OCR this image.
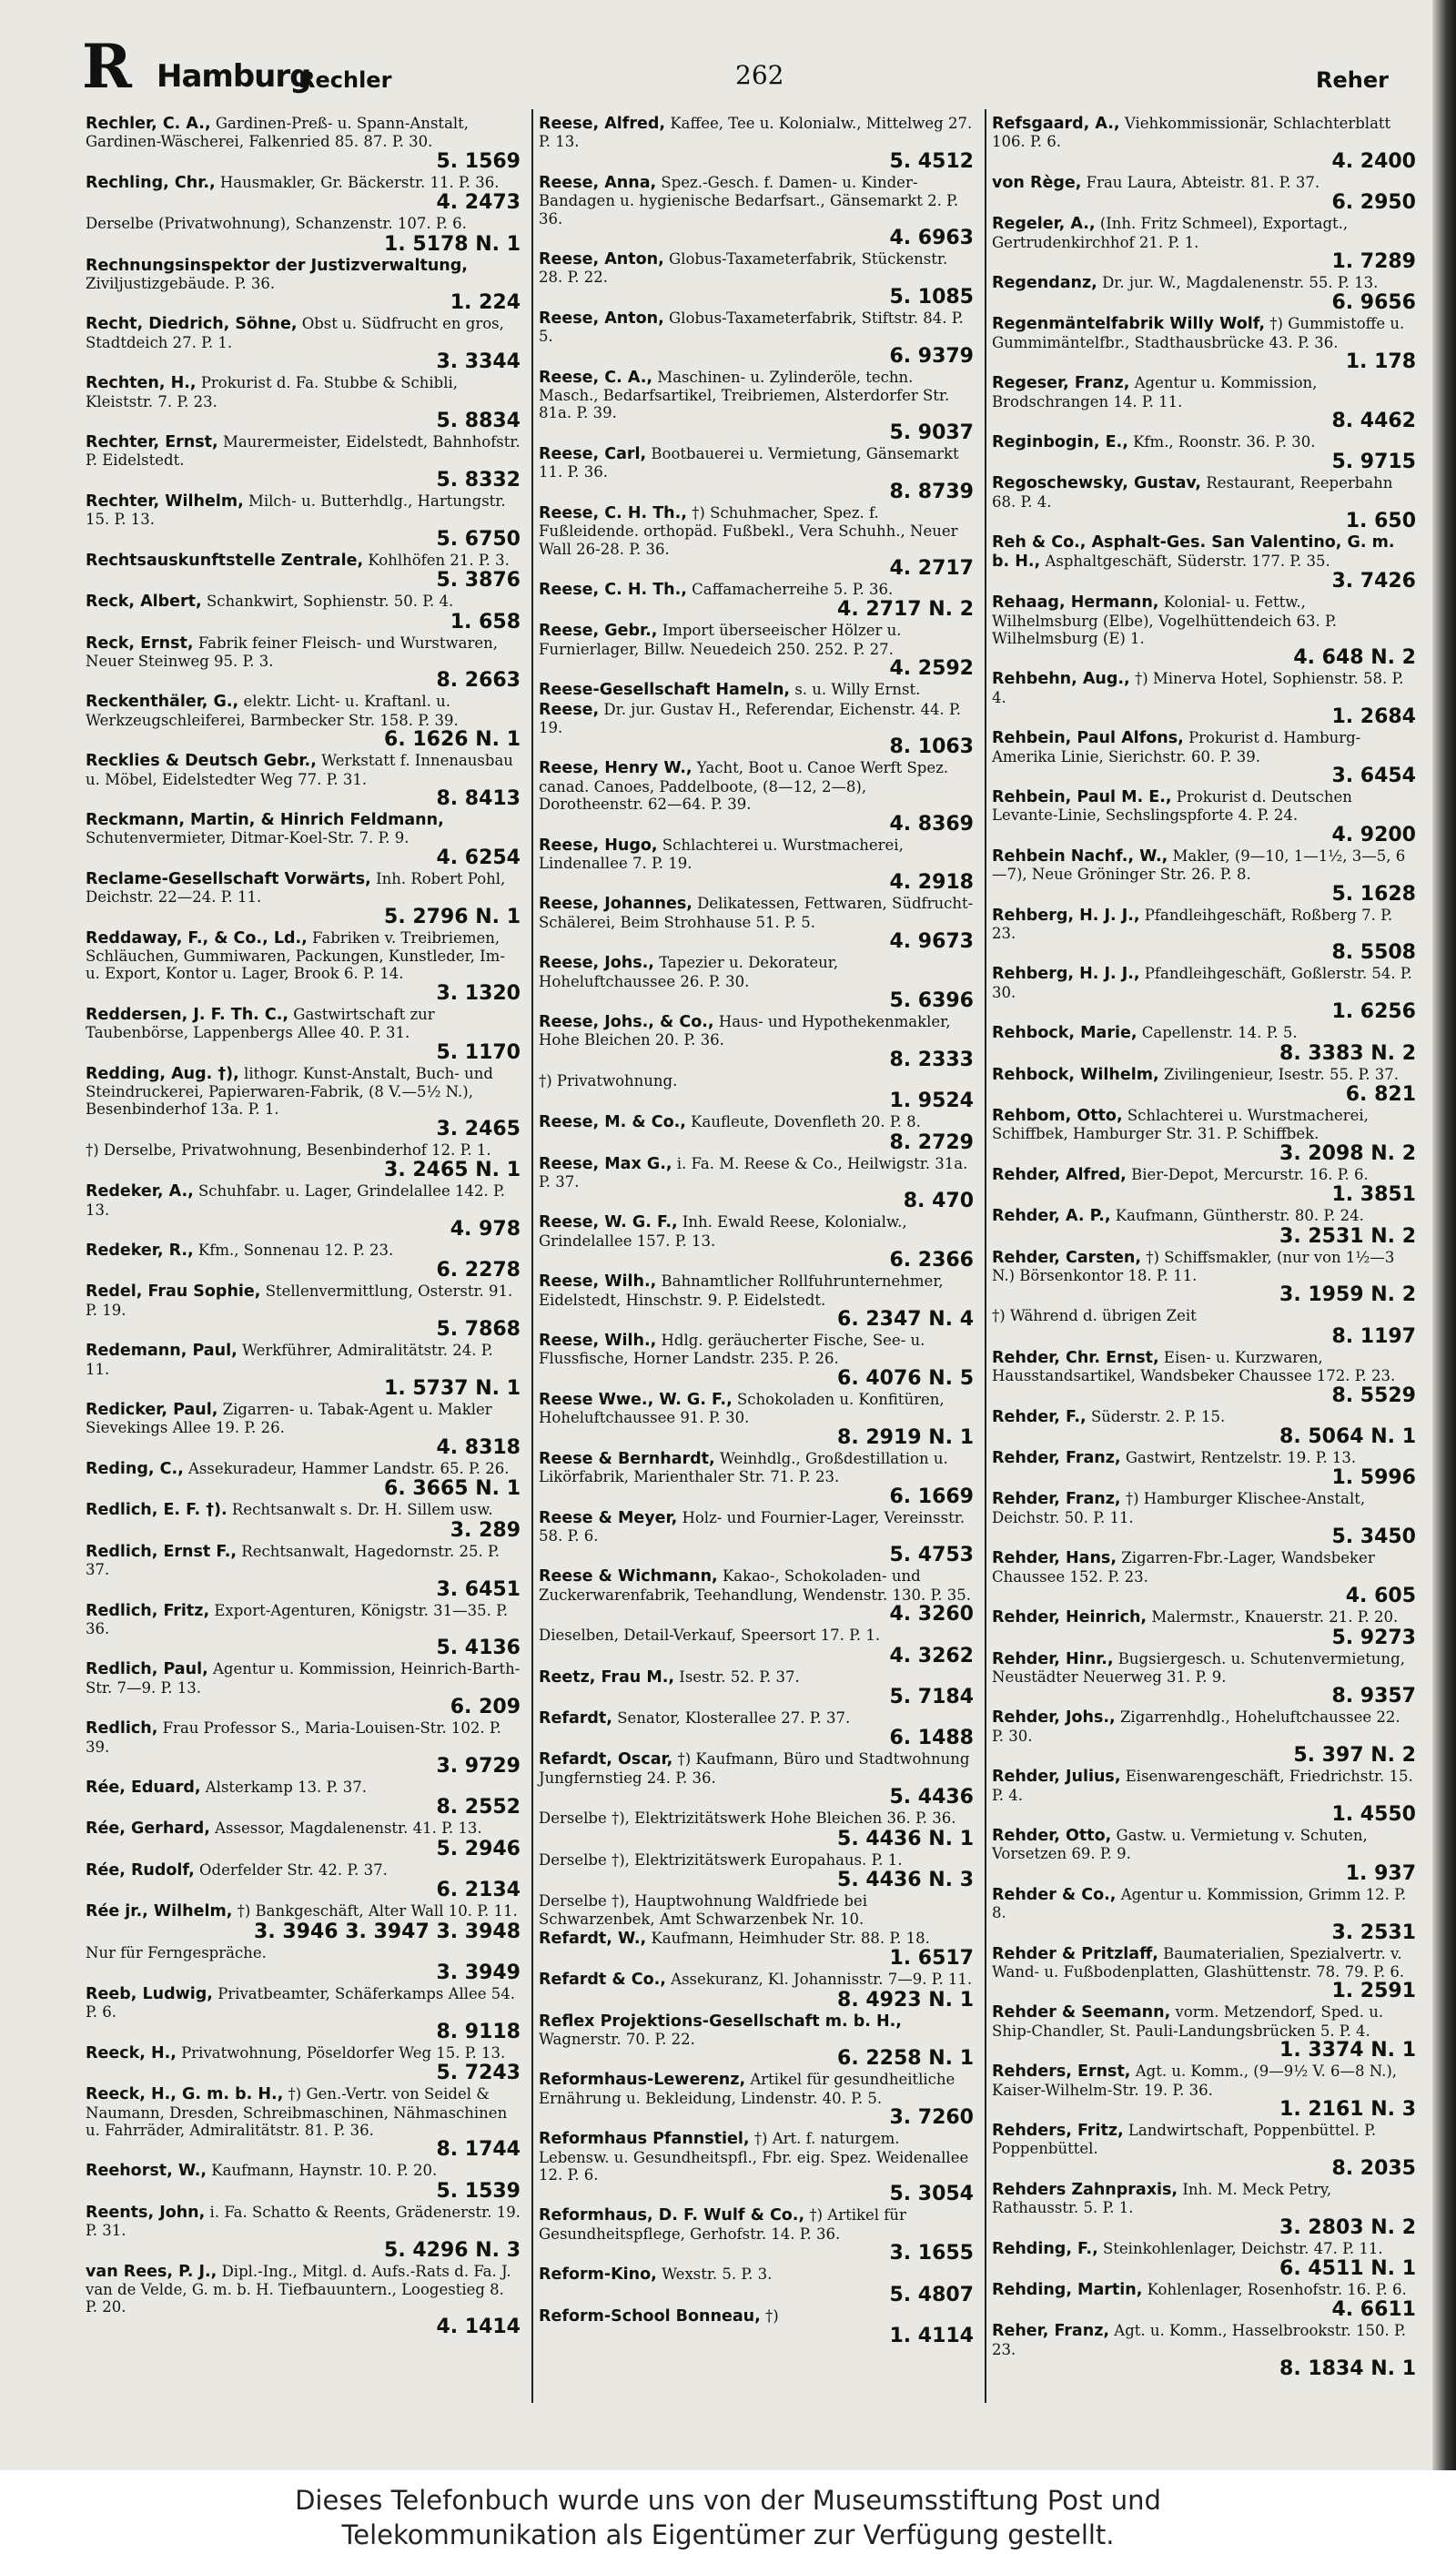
R Hamburg
Rechler	262	Reher
Rechler, C. A., Gardinen-Preß- u. Spann-Anstalt, Gardinen-Wäscherei, Falkenried 85. 87. P. 30.
5. 1569
Rechling, Chr., Hausmakler, Gr. Bäckerstr. 11. P. 36.
4. 2473
Derselbe (Privatwohnung), Schanzenstr. 107. P. 6.
1. 5178 N. 1
Rechnungsinspektor der Justizverwaltung, Ziviljustizgebäude. P. 36.
1. 224
Recht, Diedrich, Söhne, Obst u. Südfrucht en gros, Stadtdeich 27. P. 1.
3. 3344
Rechten, H., Prokurist d. Fa. Stubbe & Schibli, Kleiststr. 7. P. 23.
5. 8834
Rechter, Ernst, Maurermeister, Eidelstedt, Bahnhofstr. P. Eidelstedt.
5. 8332
Rechter, Wilhelm, Milch- u. Butterhdlg., Hartungstr. 15. P. 13.
5. 6750
Rechtsauskunftstelle Zentrale, Kohlhöfen 21. P. 3.
5. 3876
Reck, Albert, Schankwirt, Sophienstr. 50. P. 4.
1. 658
Reck, Ernst, Fabrik feiner Fleisch- und Wurstwaren, Neuer Steinweg 95. P. 3.
8. 2663
Reckenthäler, G., elektr. Licht- u. Kraftanl. u. Werkzeugschleiferei, Barmbecker Str. 158. P. 39.
6. 1626 N. 1
Recklies & Deutsch Gebr., Werkstatt f. Innenausbau u. Möbel, Eidelstedter Weg 77. P. 31.
8. 8413
Reckmann, Martin, & Hinrich Feldmann, Schutenvermieter, Ditmar-Koel-Str. 7. P. 9.
4. 6254
Reclame-Gesellschaft Vorwärts, Inh. Robert Pohl, Deichstr. 22—24. P. 11.
5. 2796 N. 1
Reddaway, F., & Co., Ld., Fabriken v. Treibriemen, Schläuchen, Gummiwaren, Packungen, Kunstleder, Im- u. Export, Kontor u. Lager, Brook 6. P. 14.
3. 1320
Reddersen, J. F. Th. C., Gastwirtschaft zur Taubenbörse, Lappenbergs Allee 40. P. 31.
5. 1170
Redding, Aug. †), lithogr. Kunst-Anstalt, Buch- und Steindruckerei, Papierwaren-Fabrik, (8 V.—5½ N.), Besenbinderhof 13a. P. 1.
3. 2465
†) Derselbe, Privatwohnung, Besenbinderhof 12. P. 1.
3. 2465 N. 1
Redeker, A., Schuhfabr. u. Lager, Grindelallee 142. P. 13.
4. 978
Redeker, R., Kfm., Sonnenau 12. P. 23.
6. 2278
Redel, Frau Sophie, Stellenvermittlung, Osterstr. 91. P. 19.
5. 7868
Redemann, Paul, Werkführer, Admiralitätstr. 24. P. 11.
1. 5737 N. 1
Redicker, Paul, Zigarren- u. Tabak-Agent u. Makler Sievekings Allee 19. P. 26.
4. 8318
Reding, C., Assekuradeur, Hammer Landstr. 65. P. 26.
6. 3665 N. 1
Redlich, E. F. †). Rechtsanwalt s. Dr. H. Sillem usw.
3. 289
Redlich, Ernst F., Rechtsanwalt, Hagedornstr. 25. P. 37.
3. 6451
Redlich, Fritz, Export-Agenturen, Königstr. 31—35. P. 36.
5. 4136
Redlich, Paul, Agentur u. Kommission, Heinrich-Barth-Str. 7—9. P. 13.
6. 209
Redlich, Frau Professor S., Maria-Louisen-Str. 102. P. 39.
3. 9729
Rée, Eduard, Alsterkamp 13. P. 37.
8. 2552
Rée, Gerhard, Assessor, Magdalenenstr. 41. P. 13.
5. 2946
Rée, Rudolf, Oderfelder Str. 42. P. 37.
6. 2134
Rée jr., Wilhelm, †) Bankgeschäft, Alter Wall 10. P. 11.
3. 3946 3. 3947 3. 3948
Nur für Ferngespräche.
3. 3949
Reeb, Ludwig, Privatbeamter, Schäferkamps Allee 54. P. 6.
8. 9118
Reeck, H., Privatwohnung, Pöseldorfer Weg 15. P. 13.
5. 7243
Reeck, H., G. m. b. H., †) Gen.-Vertr. von Seidel & Naumann, Dresden, Schreibmaschinen, Nähmaschinen u. Fahrräder, Admiralitätstr. 81. P. 36.
8. 1744
Reehorst, W., Kaufmann, Haynstr. 10. P. 20.
5. 1539
Reents, John, i. Fa. Schatto & Reents, Grädenerstr. 19. P. 31.
5. 4296 N. 3
van Rees, P. J., Dipl.-Ing., Mitgl. d. Aufs.-Rats d. Fa. J. van de Velde, G. m. b. H. Tiefbauuntern., Loogestieg 8. P. 20.
4. 1414
Reese, Alfred, Kaffee, Tee u. Kolonialw., Mittelweg 27. P. 13.
5. 4512
Reese, Anna, Spez.-Gesch. f. Damen- u. Kinder-Bandagen u. hygienische Bedarfsart., Gänsemarkt 2. P. 36.
4. 6963
Reese, Anton, Globus-Taxameterfabrik, Stückenstr. 28. P. 22.
5. 1085
Reese, Anton, Globus-Taxameterfabrik, Stiftstr. 84. P. 5.
6. 9379
Reese, C. A., Maschinen- u. Zylinderöle, techn. Masch., Bedarfsartikel, Treibriemen, Alsterdorfer Str. 81a. P. 39.
5. 9037
Reese, Carl, Bootbauerei u. Vermietung, Gänsemarkt 11. P. 36.
8. 8739
Reese, C. H. Th., †) Schuhmacher, Spez. f. Fußleidende. orthopäd. Fußbekl., Vera Schuhh., Neuer Wall 26-28. P. 36.
4. 2717
Reese, C. H. Th., Caffamacherreihe 5. P. 36.
4. 2717 N. 2
Reese, Gebr., Import überseeischer Hölzer u. Furnierlager, Billw. Neuedeich 250. 252. P. 27.
4. 2592
Reese-Gesellschaft Hameln, s. u. Willy Ernst.
Reese, Dr. jur. Gustav H., Referendar, Eichenstr. 44. P. 19.
8. 1063
Reese, Henry W., Yacht, Boot u. Canoe Werft Spez. canad. Canoes, Paddelboote, (8—12, 2—8), Dorotheenstr. 62—64. P. 39.
4. 8369
Reese, Hugo, Schlachterei u. Wurstmacherei, Lindenallee 7. P. 19.
4. 2918
Reese, Johannes, Delikatessen, Fettwaren, Südfrucht-Schälerei, Beim Strohhause 51. P. 5.
4. 9673
Reese, Johs., Tapezier u. Dekorateur, Hoheluftchaussee 26. P. 30.
5. 6396
Reese, Johs., & Co., Haus- und Hypothekenmakler, Hohe Bleichen 20. P. 36.
8. 2333
†) Privatwohnung.
1. 9524
Reese, M. & Co., Kaufleute, Dovenfleth 20. P. 8.
8. 2729
Reese, Max G., i. Fa. M. Reese & Co., Heilwigstr. 31a. P. 37.
8. 470
Reese, W. G. F., Inh. Ewald Reese, Kolonialw., Grindelallee 157. P. 13.
6. 2366
Reese, Wilh., Bahnamtlicher Rollfuhrunternehmer, Eidelstedt, Hinschstr. 9. P. Eidelstedt.
6. 2347 N. 4
Reese, Wilh., Hdlg. geräucherter Fische, See- u. Flussfische, Horner Landstr. 235. P. 26.
6. 4076 N. 5
Reese Wwe., W. G. F., Schokoladen u. Konfitüren, Hoheluftchaussee 91. P. 30.
8. 2919 N. 1
Reese & Bernhardt, Weinhdlg., Großdestillation u. Likörfabrik, Marienthaler Str. 71. P. 23.
6. 1669
Reese & Meyer, Holz- und Fournier-Lager, Vereinsstr. 58. P. 6.
5. 4753
Reese & Wichmann, Kakao-, Schokoladen- und Zuckerwarenfabrik, Teehandlung, Wendenstr. 130. P. 35.
4. 3260
Dieselben, Detail-Verkauf, Speersort 17. P. 1.
4. 3262
Reetz, Frau M., Isestr. 52. P. 37.
5. 7184
Refardt, Senator, Klosterallee 27. P. 37.
6. 1488
Refardt, Oscar, †) Kaufmann, Büro und Stadtwohnung Jungfernstieg 24. P. 36.
5. 4436
Derselbe †), Elektrizitätswerk Hohe Bleichen 36. P. 36.
5. 4436 N. 1
Derselbe †), Elektrizitätswerk Europahaus. P. 1.
5. 4436 N. 3
Derselbe †), Hauptwohnung Waldfriede bei Schwarzenbek, Amt Schwarzenbek Nr. 10.
Refardt, W., Kaufmann, Heimhuder Str. 88. P. 18.
1. 6517
Refardt & Co., Assekuranz, Kl. Johannisstr. 7—9. P. 11.
8. 4923 N. 1
Reflex Projektions-Gesellschaft m. b. H., Wagnerstr. 70. P. 22.
6. 2258 N. 1
Reformhaus-Lewerenz, Artikel für gesundheitliche Ernährung u. Bekleidung, Lindenstr. 40. P. 5.
3. 7260
Reformhaus Pfannstiel, †) Art. f. naturgem. Lebensw. u. Gesundheitspfl., Fbr. eig. Spez. Weidenallee 12. P. 6.
5. 3054
Reformhaus, D. F. Wulf & Co., †) Artikel für Gesundheitspflege, Gerhofstr. 14. P. 36.
3. 1655
Reform-Kino, Wexstr. 5. P. 3.
5. 4807
Reform-School Bonneau, †)
1. 4114
Refsgaard, A., Viehkommissionär, Schlachterblatt 106. P. 6.
4. 2400
von Rège, Frau Laura, Abteistr. 81. P. 37.
6. 2950
Regeler, A., (Inh. Fritz Schmeel), Exportagt., Gertrudenkirchhof 21. P. 1.
1. 7289
Regendanz, Dr. jur. W., Magdalenenstr. 55. P. 13.
6. 9656
Regenmäntelfabrik Willy Wolf, †) Gummistoffe u. Gummimäntelfbr., Stadthausbrücke 43. P. 36.
1. 178
Regeser, Franz, Agentur u. Kommission, Brodschrangen 14. P. 11.
8. 4462
Reginbogin, E., Kfm., Roonstr. 36. P. 30.
5. 9715
Regoschewsky, Gustav, Restaurant, Reeperbahn 68. P. 4.
1. 650
Reh & Co., Asphalt-Ges. San Valentino, G. m. b. H., Asphaltgeschäft, Süderstr. 177. P. 35.
3. 7426
Rehaag, Hermann, Kolonial- u. Fettw., Wilhelmsburg (Elbe), Vogelhüttendeich 63. P. Wilhelmsburg (E) 1.
4. 648 N. 2
Rehbehn, Aug., †) Minerva Hotel, Sophienstr. 58. P. 4.
1. 2684
Rehbein, Paul Alfons, Prokurist d. Hamburg-Amerika Linie, Sierichstr. 60. P. 39.
3. 6454
Rehbein, Paul M. E., Prokurist d. Deutschen Levante-Linie, Sechslingspforte 4. P. 24.
4. 9200
Rehbein Nachf., W., Makler, (9—10, 1—1½, 3—5, 6—7), Neue Gröninger Str. 26. P. 8.
5. 1628
Rehberg, H. J. J., Pfandleihgeschäft, Roßberg 7. P. 23.
8. 5508
Rehberg, H. J. J., Pfandleihgeschäft, Goßlerstr. 54. P. 30.
1. 6256
Rehbock, Marie, Capellenstr. 14. P. 5.
8. 3383 N. 2
Rehbock, Wilhelm, Zivilingenieur, Isestr. 55. P. 37.
6. 821
Rehbom, Otto, Schlachterei u. Wurstmacherei, Schiffbek, Hamburger Str. 31. P. Schiffbek.
3. 2098 N. 2
Rehder, Alfred, Bier-Depot, Mercurstr. 16. P. 6.
1. 3851
Rehder, A. P., Kaufmann, Güntherstr. 80. P. 24.
3. 2531 N. 2
Rehder, Carsten, †) Schiffsmakler, (nur von 1½—3 N.) Börsenkontor 18. P. 11.
3. 1959 N. 2
†) Während d. übrigen Zeit
8. 1197
Rehder, Chr. Ernst, Eisen- u. Kurzwaren, Hausstandsartikel, Wandsbeker Chaussee 172. P. 23.
8. 5529
Rehder, F., Süderstr. 2. P. 15.
8. 5064 N. 1
Rehder, Franz, Gastwirt, Rentzelstr. 19. P. 13.
1. 5996
Rehder, Franz, †) Hamburger Klischee-Anstalt, Deichstr. 50. P. 11.
5. 3450
Rehder, Hans, Zigarren-Fbr.-Lager, Wandsbeker Chaussee 152. P. 23.
4. 605
Rehder, Heinrich, Malermstr., Knauerstr. 21. P. 20.
5. 9273
Rehder, Hinr., Bugsiergesch. u. Schutenvermietung, Neustädter Neuerweg 31. P. 9.
8. 9357
Rehder, Johs., Zigarrenhdlg., Hoheluftchaussee 22. P. 30.
5. 397 N. 2
Rehder, Julius, Eisenwarengeschäft, Friedrichstr. 15. P. 4.
1. 4550
Rehder, Otto, Gastw. u. Vermietung v. Schuten, Vorsetzen 69. P. 9.
1. 937
Rehder & Co., Agentur u. Kommission, Grimm 12. P. 8.
3. 2531
Rehder & Pritzlaff, Baumaterialien, Spezialvertr. v. Wand- u. Fußbodenplatten, Glashüttenstr. 78. 79. P. 6.
1. 2591
Rehder & Seemann, vorm. Metzendorf, Sped. u. Ship-Chandler, St. Pauli-Landungsbrücken 5. P. 4.
1. 3374 N. 1
Rehders, Ernst, Agt. u. Komm., (9—9½ V. 6—8 N.), Kaiser-Wilhelm-Str. 19. P. 36.
1. 2161 N. 3
Rehders, Fritz, Landwirtschaft, Poppenbüttel. P. Poppenbüttel.
8. 2035
Rehders Zahnpraxis, Inh. M. Meck Petry, Rathausstr. 5. P. 1.
3. 2803 N. 2
Rehding, F., Steinkohlenlager, Deichstr. 47. P. 11.
6. 4511 N. 1
Rehding, Martin, Kohlenlager, Rosenhofstr. 16. P. 6.
4. 6611
Reher, Franz, Agt. u. Komm., Hasselbrookstr. 150. P. 23.
8. 1834 N. 1
Dieses Telefonbuch wurde uns von der Museumsstiftung Post und
Telekommunikation als Eigentümer zur Verfügung gestellt.
